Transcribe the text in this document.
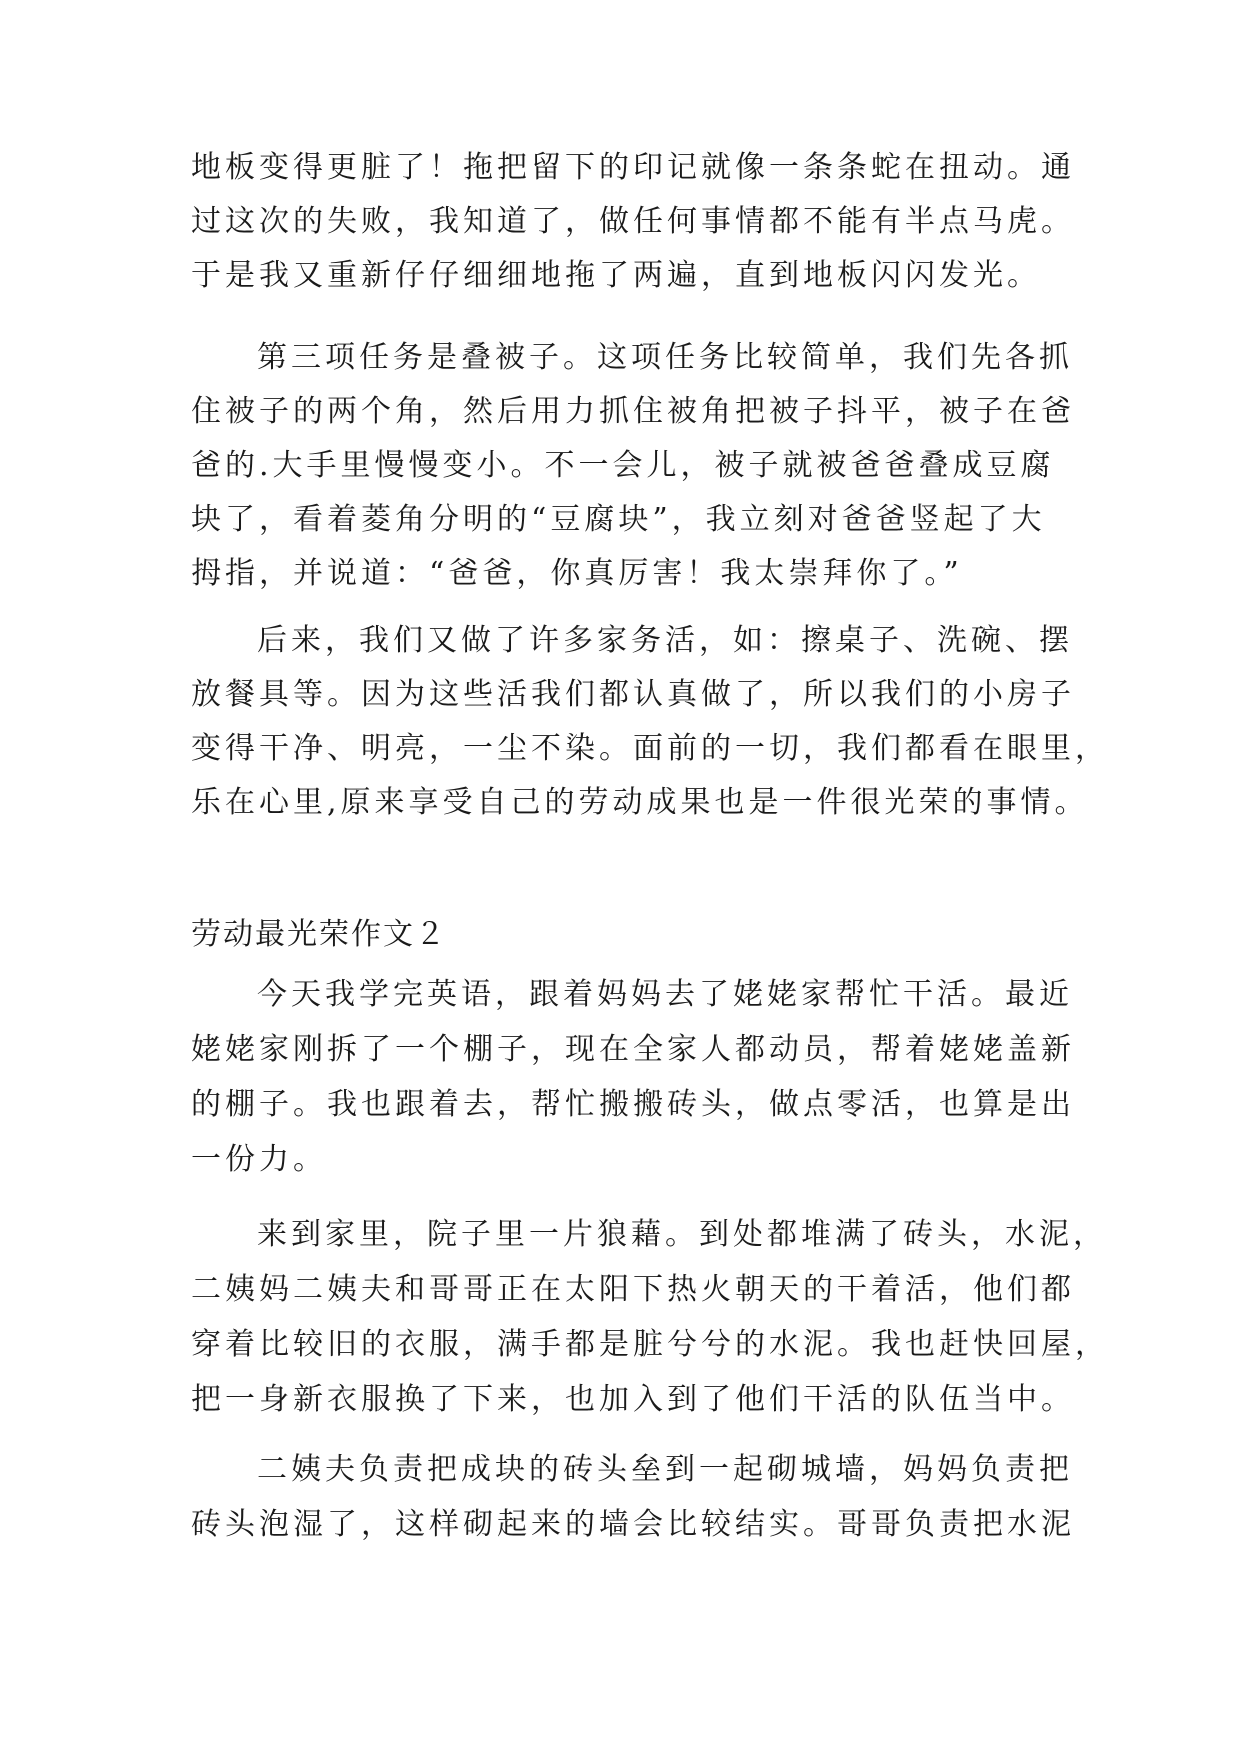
地板变得更脏了！拖把留下的印记就像一条条蛇在扭动。通
过这次的失败，我知道了，做任何事情都不能有半点马虎。
于是我又重新仔仔细细地拖了两遍，直到地板闪闪发光。
第三项任务是叠被子。这项任务比较简单，我们先各抓
住被子的两个角，然后用力抓住被角把被子抖平，被子在爸
爸的.大手里慢慢变小。不一会儿，被子就被爸爸叠成豆腐
块了，看着菱角分明的“豆腐块”，我立刻对爸爸竖起了大
拇指，并说道：“爸爸，你真厉害！我太崇拜你了。”
后来，我们又做了许多家务活，如：擦桌子、洗碗、摆
放餐具等。因为这些活我们都认真做了，所以我们的小房子
变得干净、明亮，一尘不染。面前的一切，我们都看在眼里，
乐在心里,原来享受自己的劳动成果也是一件很光荣的事情。
劳动最光荣作文２
今天我学完英语，跟着妈妈去了姥姥家帮忙干活。最近
姥姥家刚拆了一个棚子，现在全家人都动员，帮着姥姥盖新
的棚子。我也跟着去，帮忙搬搬砖头，做点零活，也算是出
一份力。
来到家里，院子里一片狼藉。到处都堆满了砖头，水泥，
二姨妈二姨夫和哥哥正在太阳下热火朝天的干着活，他们都
穿着比较旧的衣服，满手都是脏兮兮的水泥。我也赶快回屋，
把一身新衣服换了下来，也加入到了他们干活的队伍当中。
二姨夫负责把成块的砖头垒到一起砌城墙，妈妈负责把
砖头泡湿了，这样砌起来的墙会比较结实。哥哥负责把水泥
